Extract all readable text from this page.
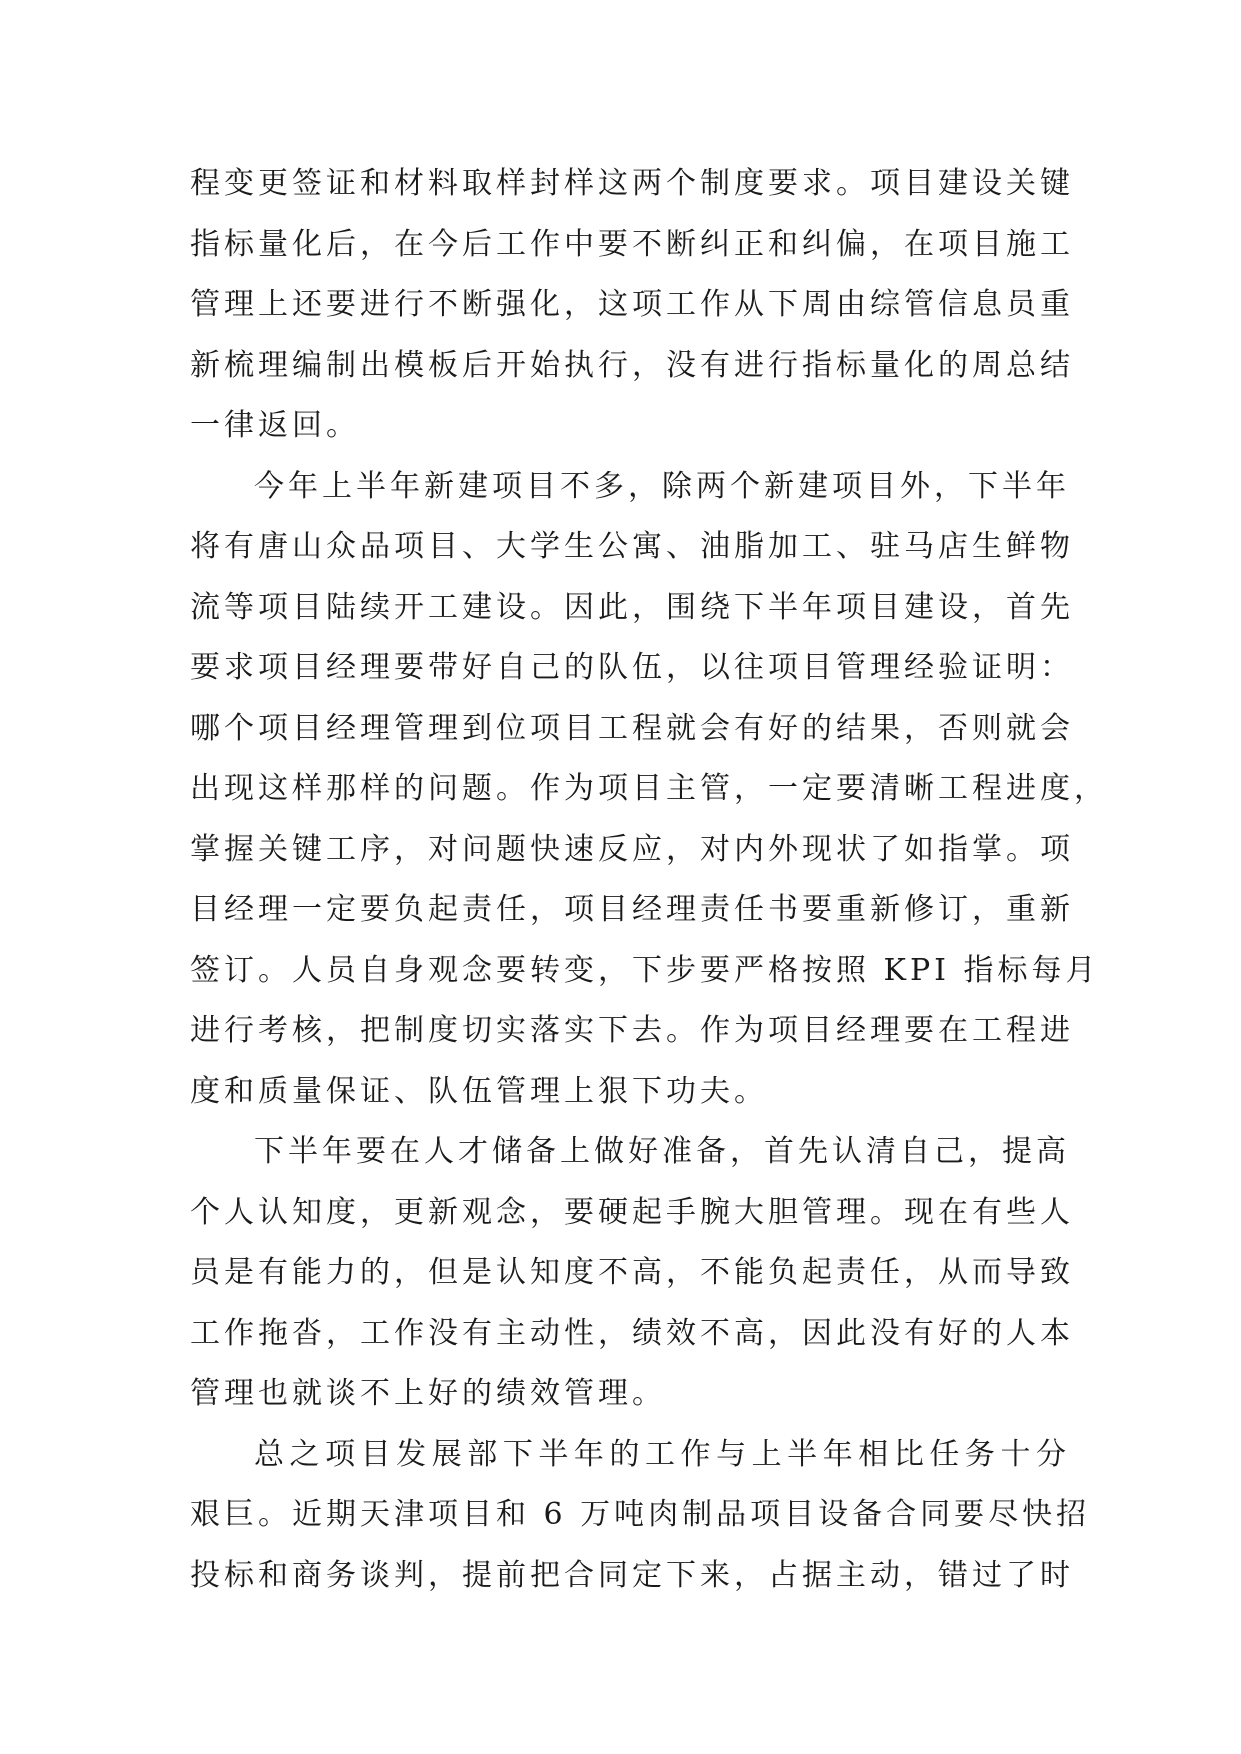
程变更签证和材料取样封样这两个制度要求。项目建设关键
指标量化后，在今后工作中要不断纠正和纠偏，在项目施工
管理上还要进行不断强化，这项工作从下周由综管信息员重
新梳理编制出模板后开始执行，没有进行指标量化的周总结
一律返回。

今年上半年新建项目不多，除两个新建项目外，下半年
将有唐山众品项目、大学生公寓、油脂加工、驻马店生鲜物
流等项目陆续开工建设。因此，围绕下半年项目建设，首先
要求项目经理要带好自己的队伍，以往项目管理经验证明：
哪个项目经理管理到位项目工程就会有好的结果，否则就会
出现这样那样的问题。作为项目主管，一定要清晰工程进度，
掌握关键工序，对问题快速反应，对内外现状了如指掌。项
目经理一定要负起责任，项目经理责任书要重新修订，重新
签订。人员自身观念要转变，下步要严格按照 KPI 指标每月
进行考核，把制度切实落实下去。作为项目经理要在工程进
度和质量保证、队伍管理上狠下功夫。

下半年要在人才储备上做好准备，首先认清自己，提高
个人认知度，更新观念，要硬起手腕大胆管理。现在有些人
员是有能力的，但是认知度不高，不能负起责任，从而导致
工作拖沓，工作没有主动性，绩效不高，因此没有好的人本
管理也就谈不上好的绩效管理。

总之项目发展部下半年的工作与上半年相比任务十分
艰巨。近期天津项目和 6 万吨肉制品项目设备合同要尽快招
投标和商务谈判，提前把合同定下来，占据主动，错过了时
